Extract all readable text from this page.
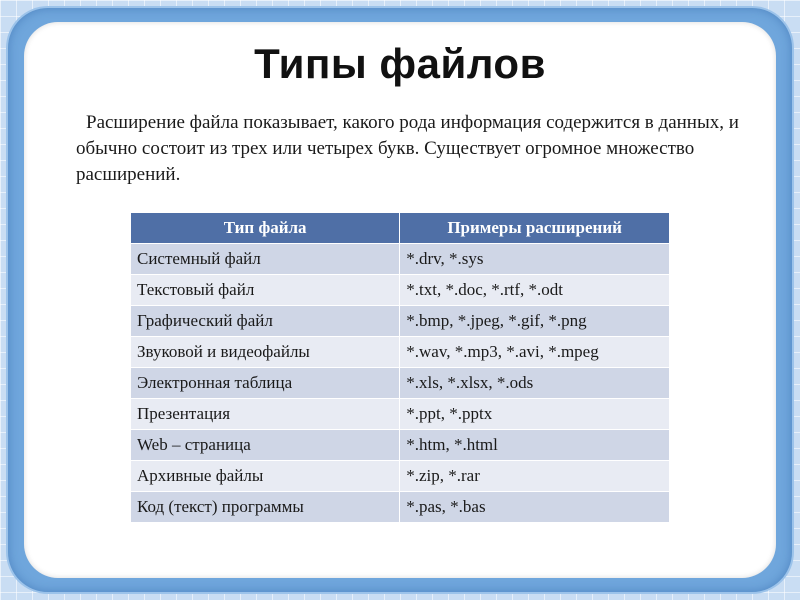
Типы файлов
Расширение файла показывает, какого рода информация содержится в данных, и обычно состоит из трех или четырех букв. Существует огромное множество расширений.
Тип файла	Примеры расширений
Системный файл	*.drv, *.sys
Текстовый файл	*.txt, *.doc, *.rtf, *.odt
Графический файл	*.bmp, *.jpeg, *.gif, *.png
Звуковой и видеофайлы	*.wav, *.mp3, *.avi, *.mpeg
Электронная таблица	*.xls, *.xlsx, *.ods
Презентация	*.ppt, *.pptx
Web – страница	*.htm, *.html
Архивные файлы	*.zip, *.rar
Код (текст) программы	*.pas, *.bas
